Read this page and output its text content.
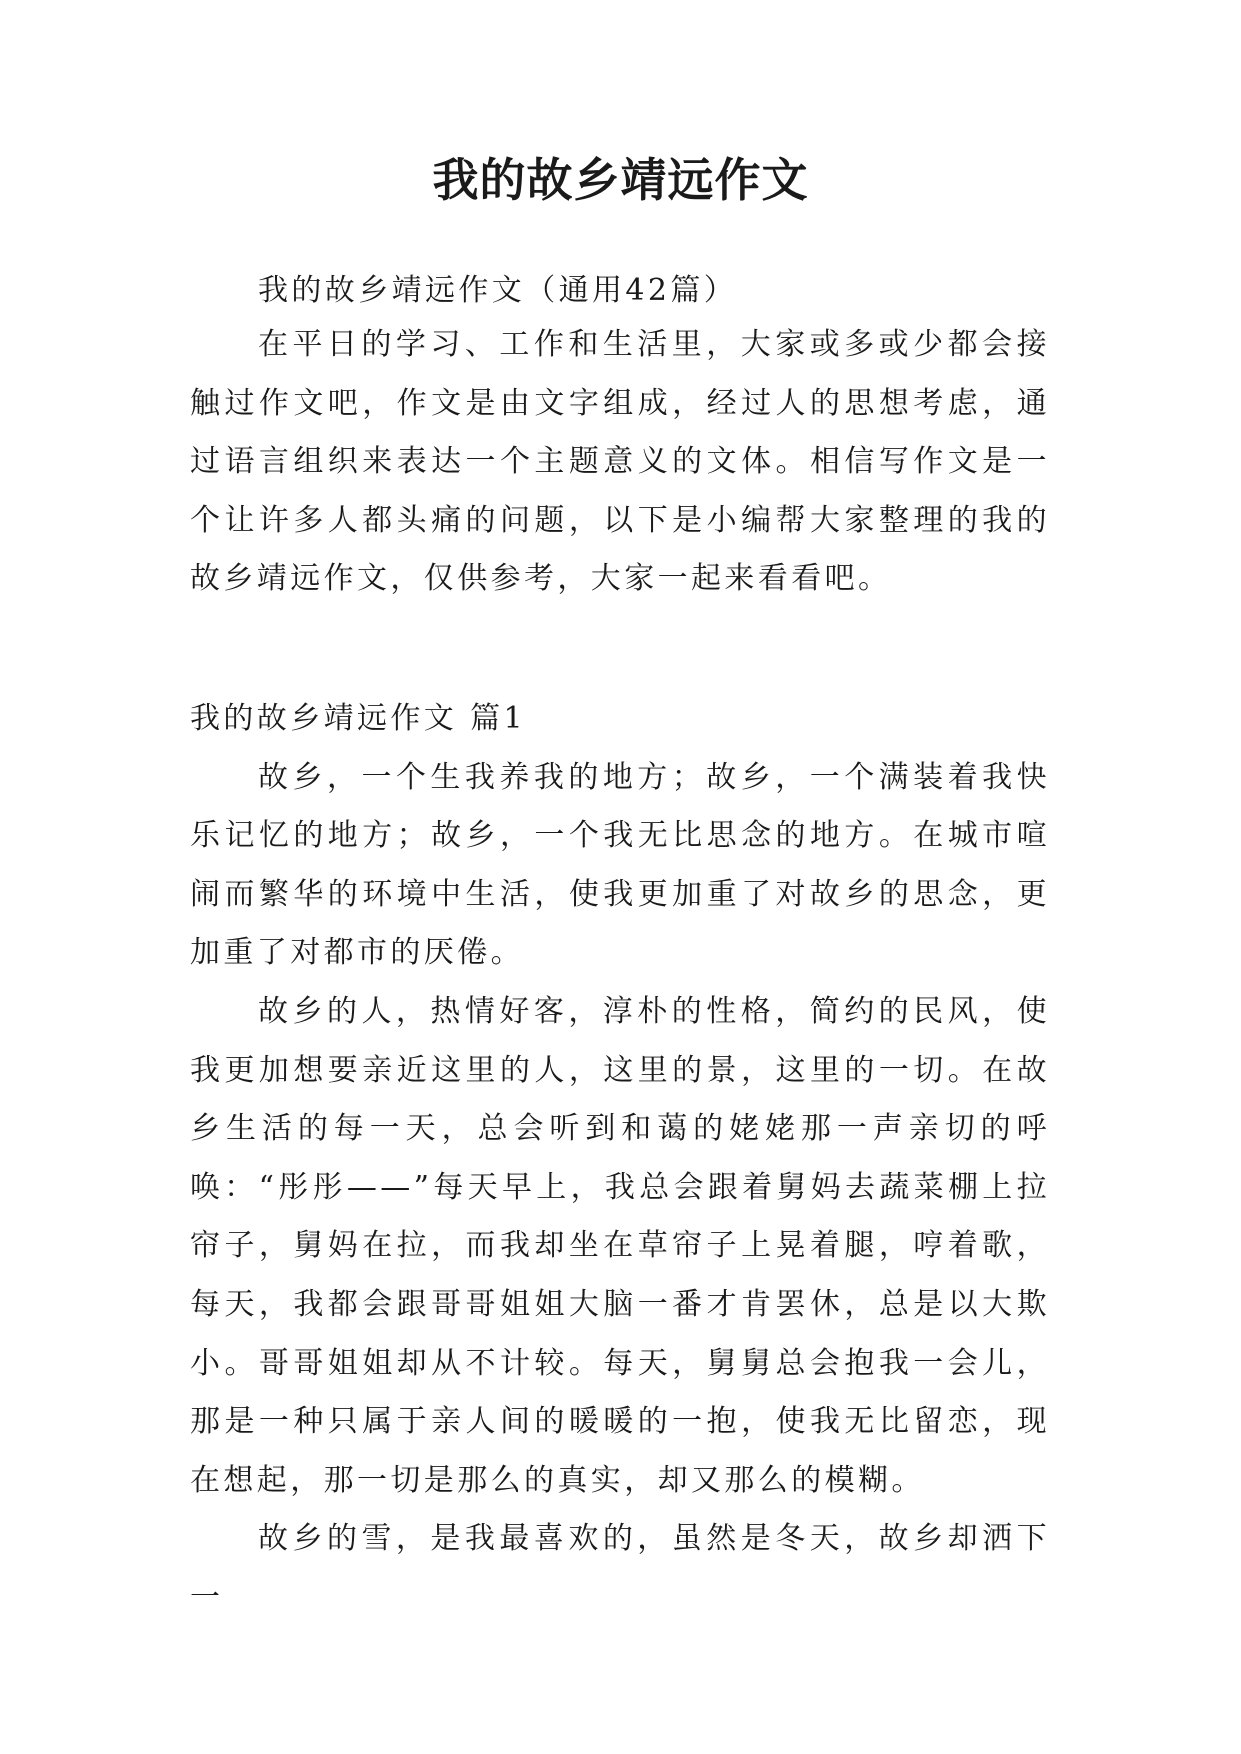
我的故乡靖远作文

我的故乡靖远作文（通用42篇）

在平日的学习、工作和生活里，大家或多或少都会接触过作文吧，作文是由文字组成，经过人的思想考虑，通过语言组织来表达一个主题意义的文体。相信写作文是一个让许多人都头痛的问题，以下是小编帮大家整理的我的故乡靖远作文，仅供参考，大家一起来看看吧。

我的故乡靖远作文 篇1

故乡，一个生我养我的地方；故乡，一个满装着我快乐记忆的地方；故乡，一个我无比思念的地方。在城市喧闹而繁华的环境中生活，使我更加重了对故乡的思念，更加重了对都市的厌倦。

故乡的人，热情好客，淳朴的性格，简约的民风，使我更加想要亲近这里的人，这里的景，这里的一切。在故乡生活的每一天，总会听到和蔼的姥姥那一声亲切的呼唤：“彤彤——”每天早上，我总会跟着舅妈去蔬菜棚上拉帘子，舅妈在拉，而我却坐在草帘子上晃着腿，哼着歌，每天，我都会跟哥哥姐姐大脑一番才肯罢休，总是以大欺小。哥哥姐姐却从不计较。每天，舅舅总会抱我一会儿，那是一种只属于亲人间的暖暖的一抱，使我无比留恋，现在想起，那一切是那么的真实，却又那么的模糊。

故乡的雪，是我最喜欢的，虽然是冬天，故乡却洒下一
